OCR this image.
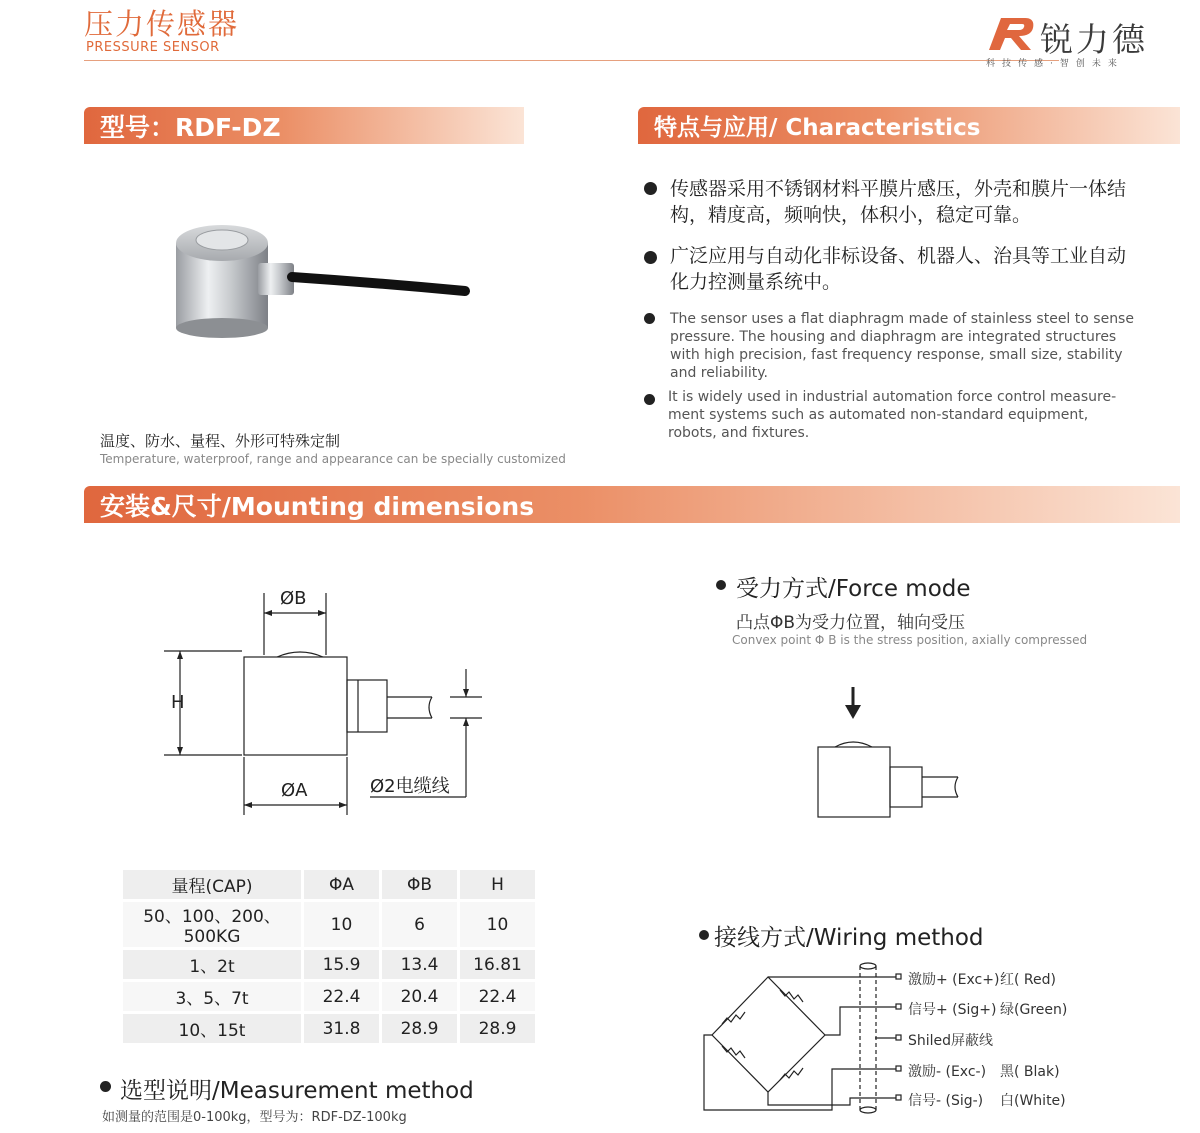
压力传感器
PRESSURE SENSOR	锐力德
科技传感·智创未来
型号：RDF-DZ	特点与应用/ Characteristics
温度、防水、量程、外形可特殊定制
Temperature, waterproof, range and appearance can be specially customized
传感器采用不锈钢材料平膜片感压，外壳和膜片一体结构，精度高，频响快，体积小，稳定可靠。
广泛应用与自动化非标设备、机器人、治具等工业自动化力控测量系统中。
The sensor uses a flat diaphragm made of stainless steel to sense pressure. The housing and diaphragm are integrated structures with high precision, fast frequency response, small size, stability and reliability.
It is widely used in industrial automation force control measure-ment systems such as automated non-standard equipment, robots, and fixtures.
安装&尺寸/Mounting dimensions
ØB
H
ØA	Ø2电缆线
受力方式/Force mode
凸点ΦB为受力位置，轴向受压
Convex point Φ B is the stress position, axially compressed
量程(CAP)	ΦA	ΦB	H
50、100、200、500KG	10	6	10
1、2t	15.9	13.4	16.81
3、5、7t	22.4	20.4	22.4
10、15t	31.8	28.9	28.9
选型说明/Measurement method
如测量的范围是0-100kg，型号为：RDF-DZ-100kg
接线方式/Wiring method
激励+ (Exc+) 红( Red)
信号+ (Sig+) 绿(Green)
Shiled屏蔽线
激励- (Exc-) 黑( Blak)
信号- (Sig-) 白(White)
